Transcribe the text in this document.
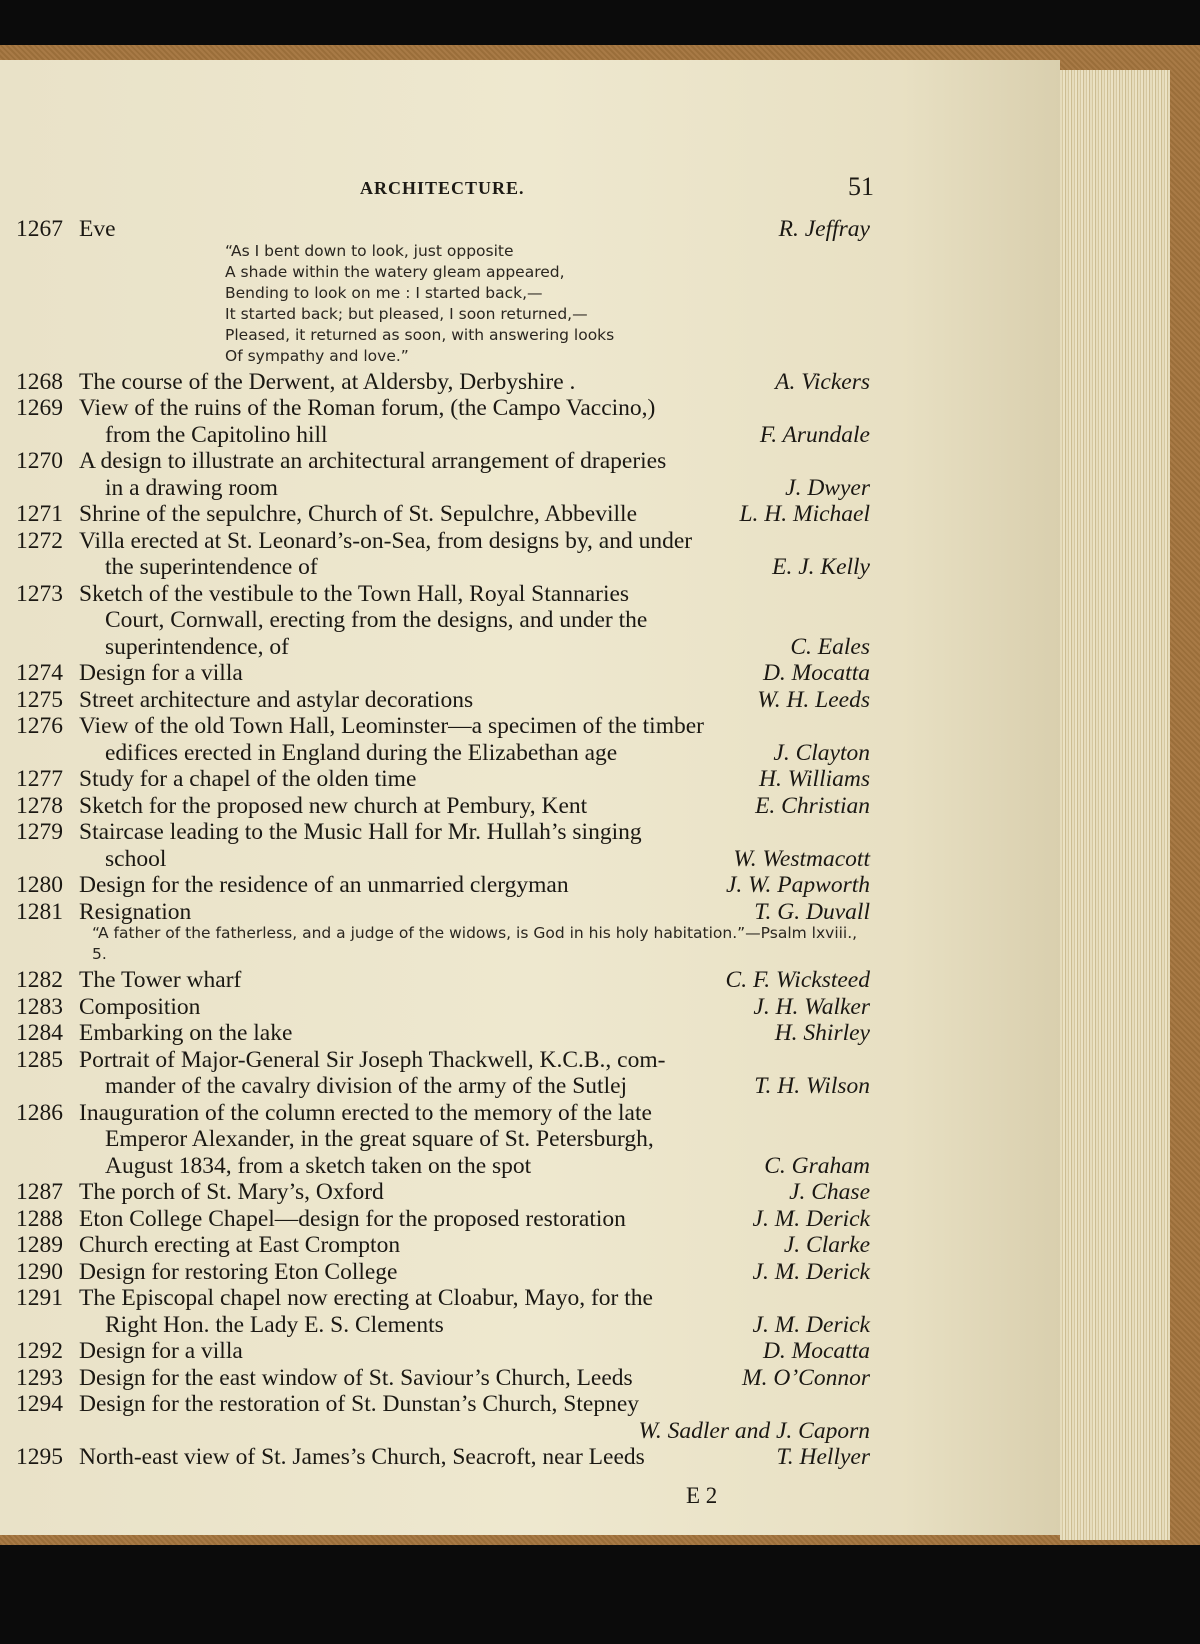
ARCHITECTURE.	51
1267 Eve	R. Jeffray
“As I bent down to look, just opposite
A shade within the watery gleam appeared,
Bending to look on me : I started back,—
It started back; but pleased, I soon returned,—
Pleased, it returned as soon, with answering looks
Of sympathy and love.”
1268 The course of the Derwent, at Aldersby, Derbyshire .	A. Vickers
1269 View of the ruins of the Roman forum, (the Campo Vaccino,)
from the Capitolino hill	F. Arundale
1270 A design to illustrate an architectural arrangement of draperies
in a drawing room	J. Dwyer
1271 Shrine of the sepulchre, Church of St. Sepulchre, Abbeville	L. H. Michael
1272 Villa erected at St. Leonard’s-on-Sea, from designs by, and under
the superintendence of	E. J. Kelly
1273 Sketch of the vestibule to the Town Hall, Royal Stannaries
Court, Cornwall, erecting from the designs, and under the
superintendence, of	C. Eales
1274 Design for a villa	D. Mocatta
1275 Street architecture and astylar decorations	W. H. Leeds
1276 View of the old Town Hall, Leominster—a specimen of the timber
edifices erected in England during the Elizabethan age	J. Clayton
1277 Study for a chapel of the olden time	H. Williams
1278 Sketch for the proposed new church at Pembury, Kent	E. Christian
1279 Staircase leading to the Music Hall for Mr. Hullah’s singing
school	W. Westmacott
1280 Design for the residence of an unmarried clergyman	J. W. Papworth
1281 Resignation	T. G. Duvall
“A father of the fatherless, and a judge of the widows, is God in his holy habitation.”—Psalm lxviii., 5.
1282 The Tower wharf	C. F. Wicksteed
1283 Composition	J. H. Walker
1284 Embarking on the lake	H. Shirley
1285 Portrait of Major-General Sir Joseph Thackwell, K.C.B., com-
mander of the cavalry division of the army of the Sutlej	T. H. Wilson
1286 Inauguration of the column erected to the memory of the late
Emperor Alexander, in the great square of St. Petersburgh,
August 1834, from a sketch taken on the spot	C. Graham
1287 The porch of St. Mary’s, Oxford	J. Chase
1288 Eton College Chapel—design for the proposed restoration	J. M. Derick
1289 Church erecting at East Crompton	J. Clarke
1290 Design for restoring Eton College	J. M. Derick
1291 The Episcopal chapel now erecting at Cloabur, Mayo, for the
Right Hon. the Lady E. S. Clements	J. M. Derick
1292 Design for a villa	D. Mocatta
1293 Design for the east window of St. Saviour’s Church, Leeds	M. O’Connor
1294 Design for the restoration of St. Dunstan’s Church, Stepney
W. Sadler and J. Caporn
1295 North-east view of St. James’s Church, Seacroft, near Leeds	T. Hellyer
E 2
